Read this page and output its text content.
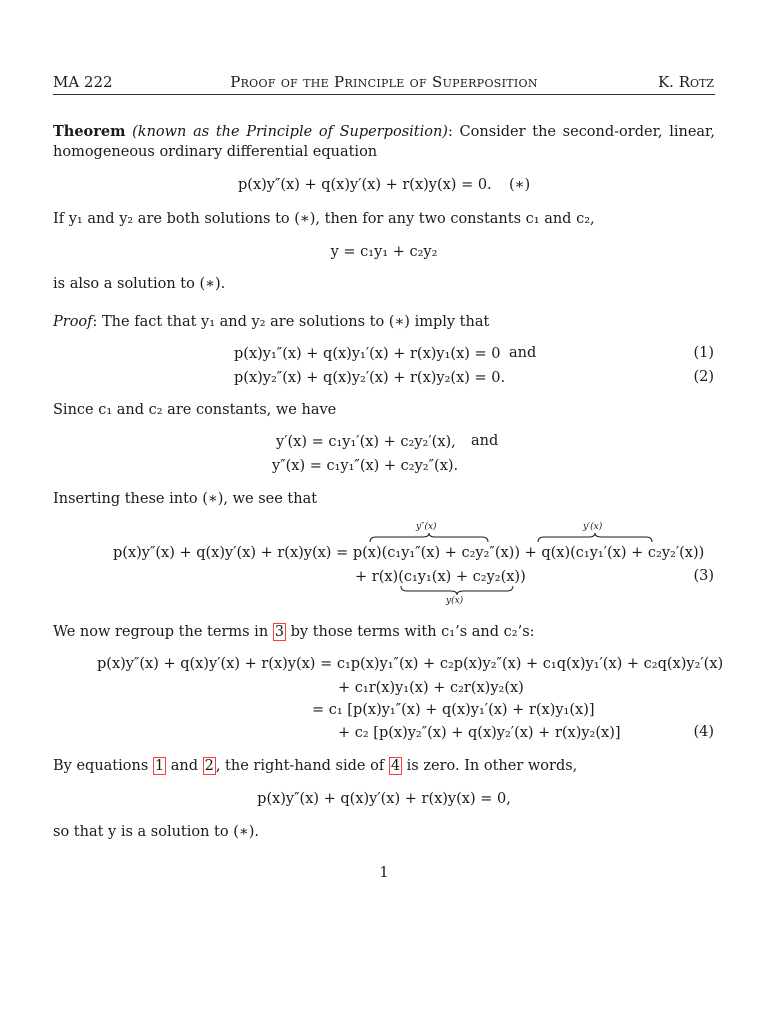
MA 222	Proof of the Principle of Superposition	K. Rotz
Theorem (known as the Principle of Superposition): Consider the second-order, linear, homogeneous ordinary differential equation
p(x)y″(x) + q(x)y′(x) + r(x)y(x) = 0. (∗)
If y₁ and y₂ are both solutions to (∗), then for any two constants c₁ and c₂,
y = c₁y₁ + c₂y₂
is also a solution to (∗).
Proof: The fact that y₁ and y₂ are solutions to (∗) imply that
p(x)y₁″(x) + q(x)y₁′(x) + r(x)y₁(x) = 0 and	(1)
p(x)y₂″(x) + q(x)y₂′(x) + r(x)y₂(x) = 0.	(2)
Since c₁ and c₂ are constants, we have
y′(x) = c₁y₁′(x) + c₂y₂′(x), and
y″(x) = c₁y₁″(x) + c₂y₂″(x).
Inserting these into (∗), we see that
y″(x)	y′(x)
p(x)y″(x) + q(x)y′(x) + r(x)y(x) = p(x)(c₁y₁″(x) + c₂y₂″(x)) + q(x)(c₁y₁′(x) + c₂y₂′(x))
+ r(x)(c₁y₁(x) + c₂y₂(x))	(3)
y(x)
We now regroup the terms in 3 by those terms with c₁’s and c₂’s:
p(x)y″(x) + q(x)y′(x) + r(x)y(x) = c₁p(x)y₁″(x) + c₂p(x)y₂″(x) + c₁q(x)y₁′(x) + c₂q(x)y₂′(x)
+ c₁r(x)y₁(x) + c₂r(x)y₂(x)
= c₁ [p(x)y₁″(x) + q(x)y₁′(x) + r(x)y₁(x)]
+ c₂ [p(x)y₂″(x) + q(x)y₂′(x) + r(x)y₂(x)]	(4)
By equations 1 and 2 , the right-hand side of 4 is zero. In other words,
p(x)y″(x) + q(x)y′(x) + r(x)y(x) = 0,
so that y is a solution to (∗).
1
